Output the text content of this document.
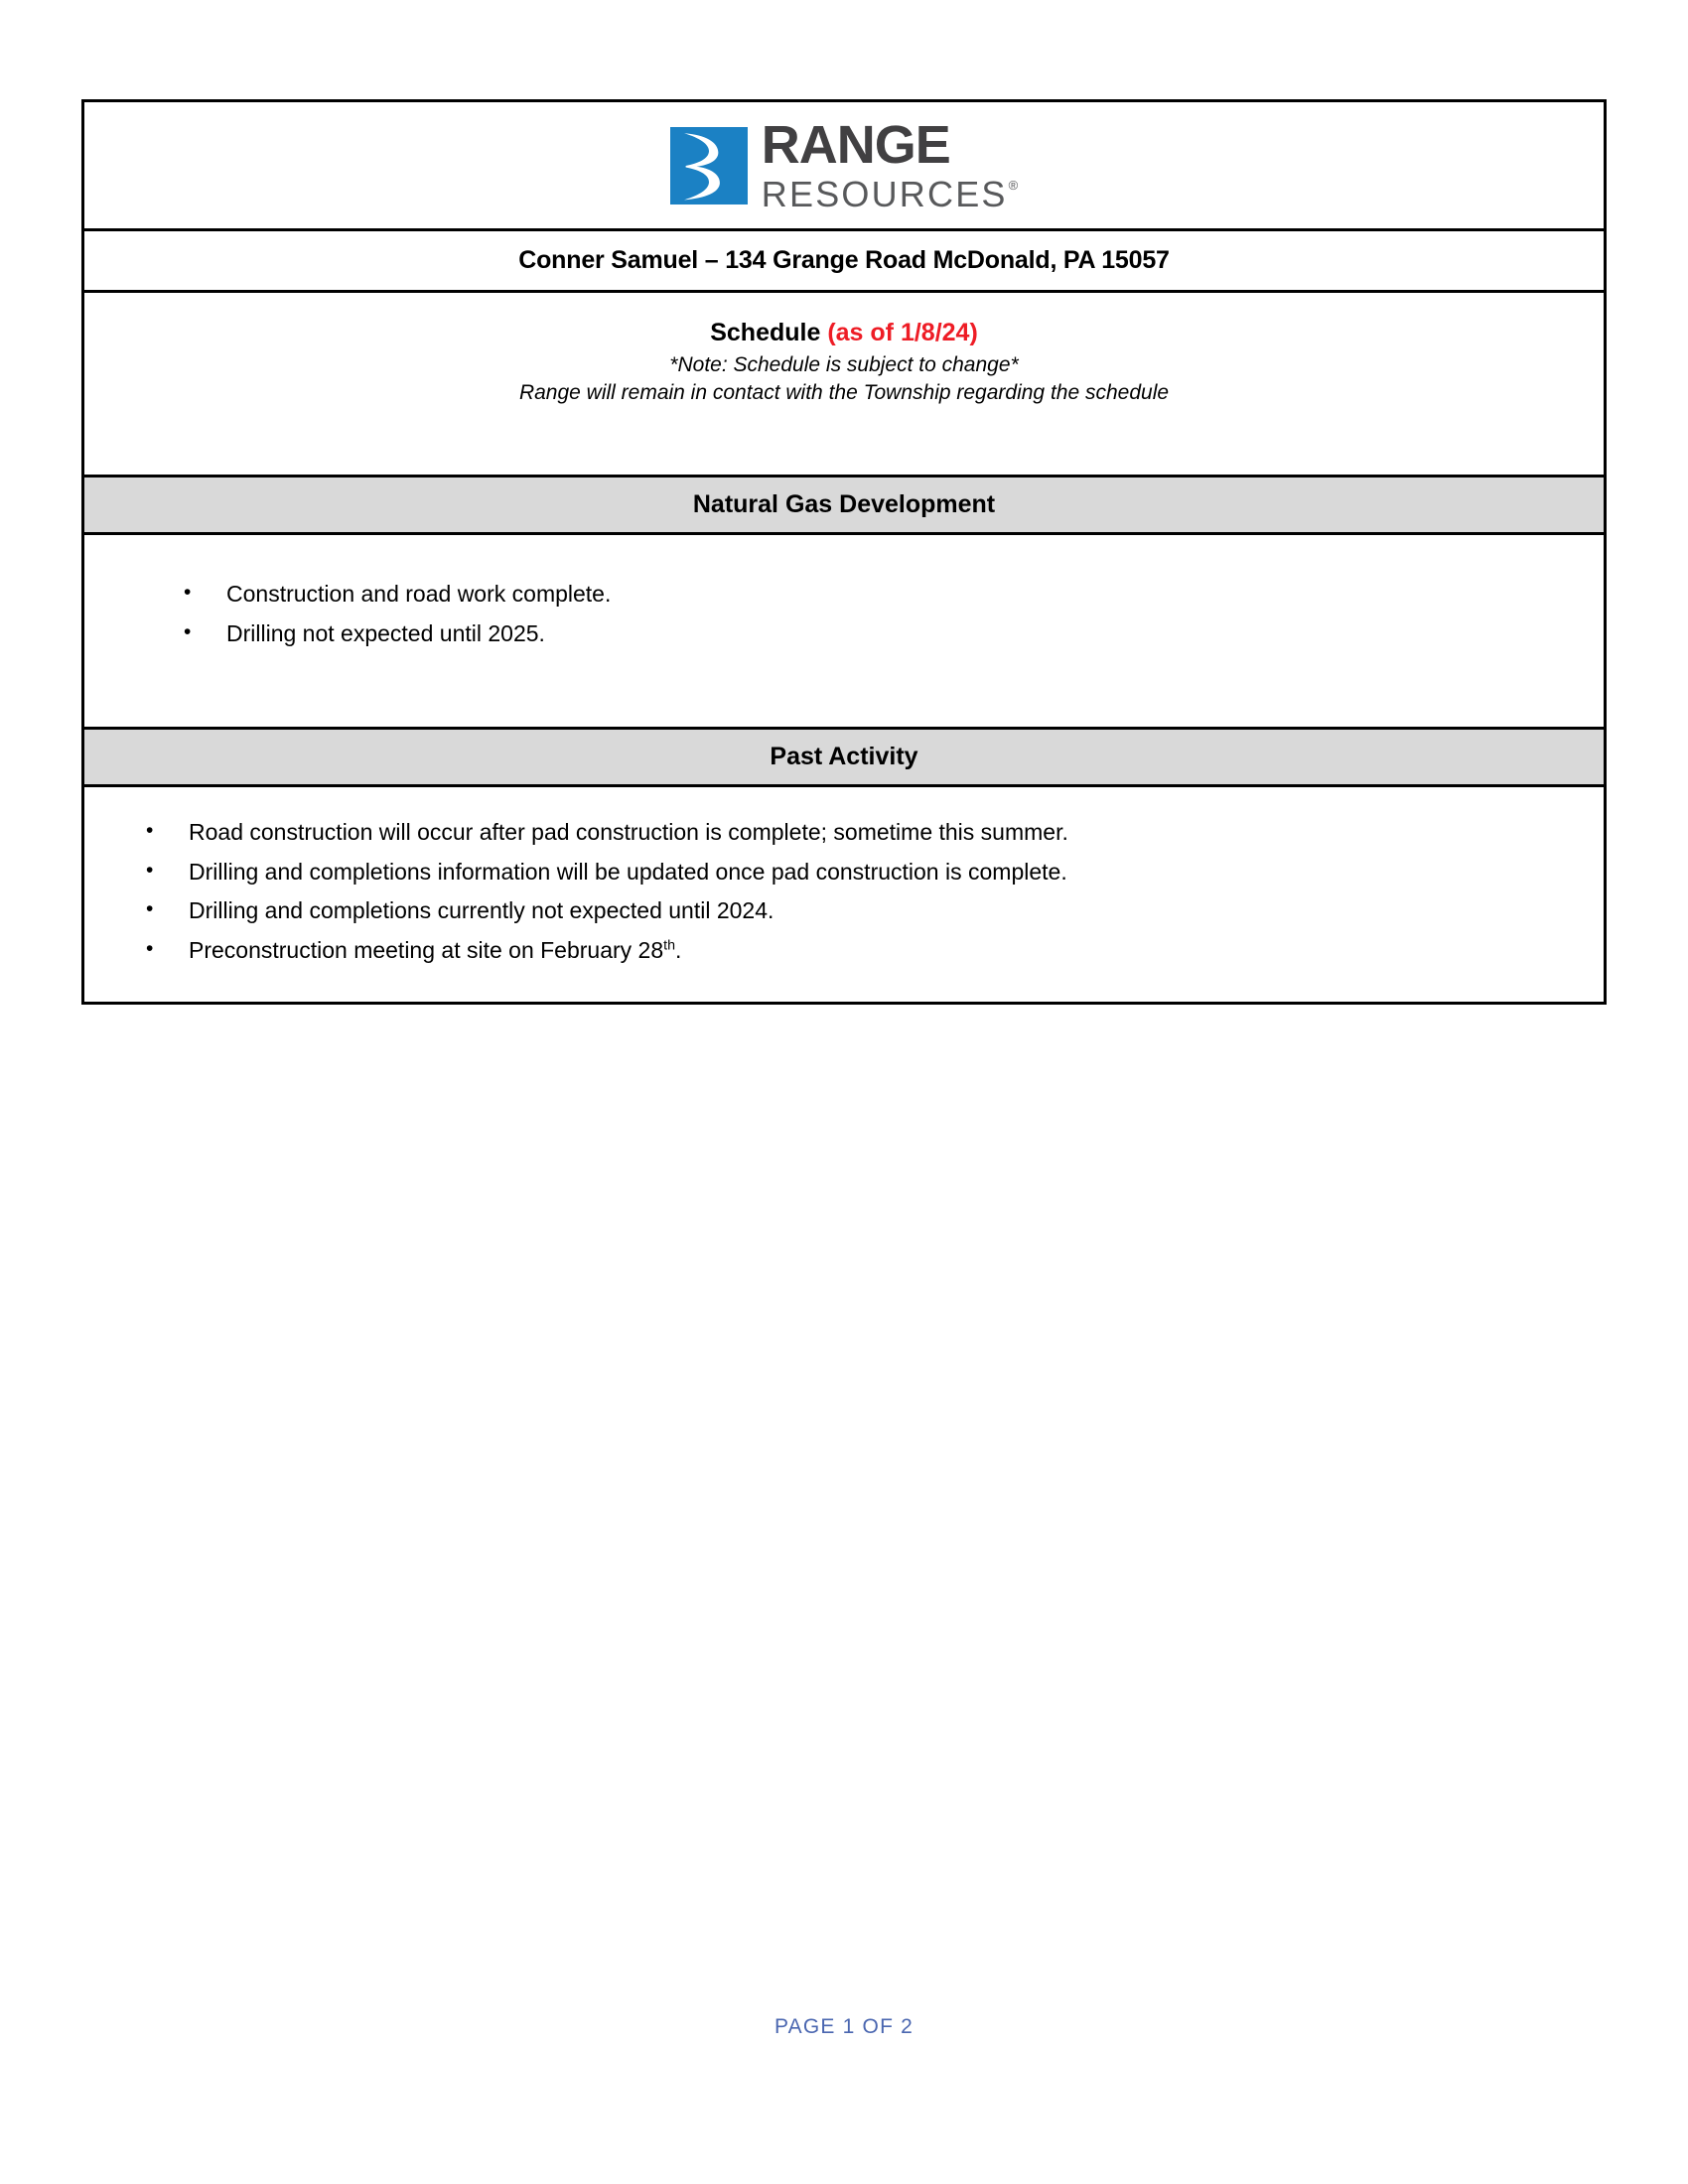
RANGE
RESOURCES ®
Conner Samuel – 134 Grange Road McDonald, PA 15057
Schedule (as of 1/8/24)
*Note: Schedule is subject to change*
Range will remain in contact with the Township regarding the schedule
Natural Gas Development
• Construction and road work complete.
• Drilling not expected until 2025.
Past Activity
• Road construction will occur after pad construction is complete; sometime this summer.
• Drilling and completions information will be updated once pad construction is complete.
• Drilling and completions currently not expected until 2024.
• Preconstruction meeting at site on February 28th.
PAGE 1 OF 2
